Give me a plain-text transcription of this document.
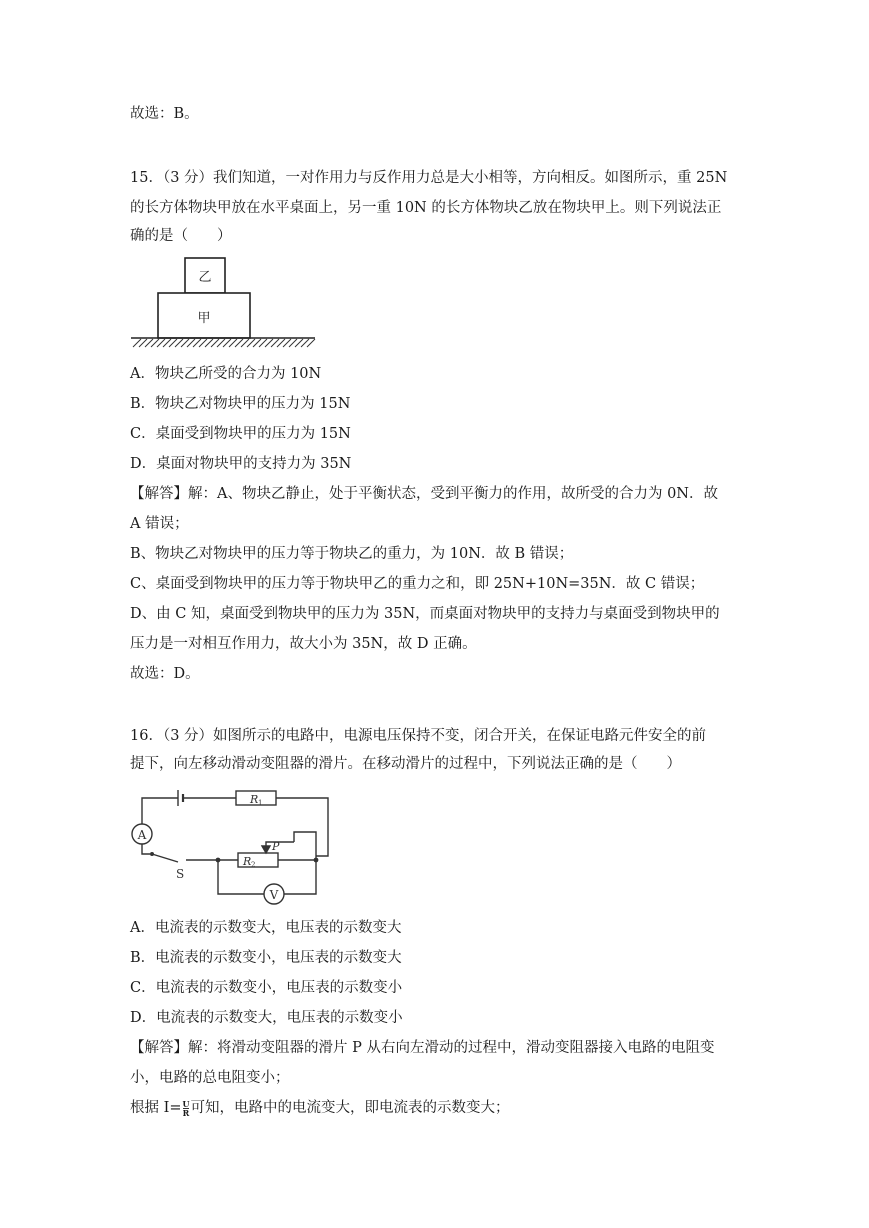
故选：B。
15．（3 分）我们知道，一对作用力与反作用力总是大小相等，方向相反。如图所示，重 25N
的长方体物块甲放在水平桌面上，另一重 10N 的长方体物块乙放在物块甲上。则下列说法正
确的是（　　）
乙
甲
A．物块乙所受的合力为 10N
B．物块乙对物块甲的压力为 15N
C．桌面受到物块甲的压力为 15N
D．桌面对物块甲的支持力为 35N
【解答】解：A、物块乙静止，处于平衡状态，受到平衡力的作用，故所受的合力为 0N．故
A 错误；
B、物块乙对物块甲的压力等于物块乙的重力，为 10N．故 B 错误；
C、桌面受到物块甲的压力等于物块甲乙的重力之和，即 25N+10N=35N．故 C 错误；
D、由 C 知，桌面受到物块甲的压力为 35N，而桌面对物块甲的支持力与桌面受到物块甲的
压力是一对相互作用力，故大小为 35N，故 D 正确。
故选：D。
16．（3 分）如图所示的电路中，电源电压保持不变，闭合开关，在保证电路元件安全的前
提下，向左移动滑动变阻器的滑片。在移动滑片的过程中，下列说法正确的是（　　）
A
V
S
R 1
R 2
P
A．电流表的示数变大，电压表的示数变大
B．电流表的示数变小，电压表的示数变大
C．电流表的示数变小，电压表的示数变小
D．电流表的示数变大，电压表的示数变小
【解答】解：将滑动变阻器的滑片 P 从右向左滑动的过程中，滑动变阻器接入电路的电阻变
小，电路的总电阻变小；
根据 $I= \frac{U}{R}$ 可知，电路中的电流变大，即电流表的示数变大；
